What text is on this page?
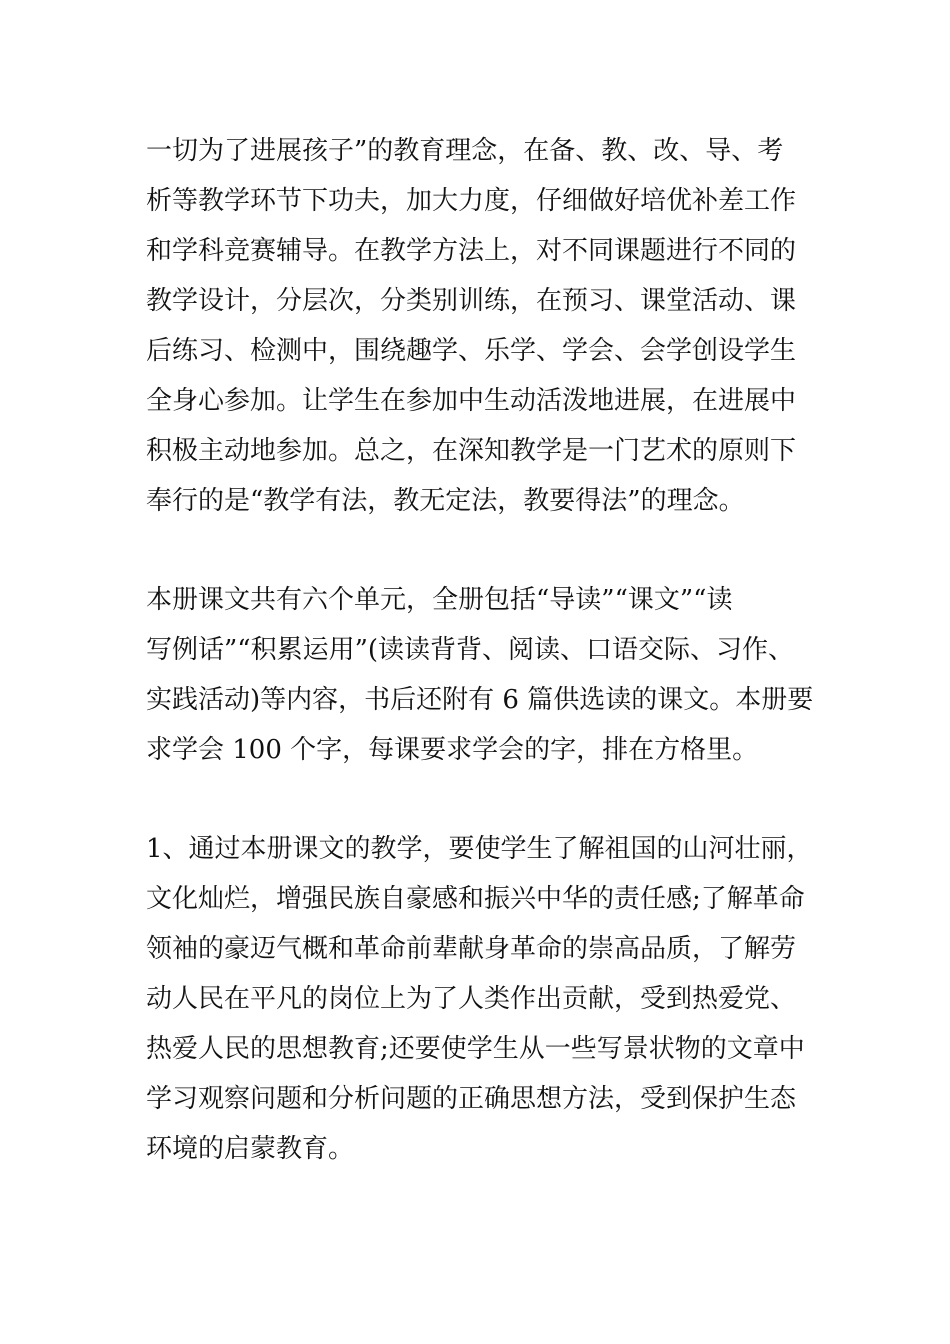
一切为了进展孩子”的教育理念，在备、教、改、导、考
析等教学环节下功夫，加大力度，仔细做好培优补差工作
和学科竞赛辅导。在教学方法上，对不同课题进行不同的
教学设计，分层次，分类别训练，在预习、课堂活动、课
后练习、检测中，围绕趣学、乐学、学会、会学创设学生
全身心参加。让学生在参加中生动活泼地进展，在进展中
积极主动地参加。总之，在深知教学是一门艺术的原则下
奉行的是“教学有法，教无定法，教要得法”的理念。
本册课文共有六个单元，全册包括“导读”“课文”“读
写例话”“积累运用”(读读背背、阅读、口语交际、习作、
实践活动)等内容，书后还附有 6 篇供选读的课文。本册要
求学会 100 个字，每课要求学会的字，排在方格里。
1、通过本册课文的教学，要使学生了解祖国的山河壮丽，
文化灿烂，增强民族自豪感和振兴中华的责任感;了解革命
领袖的豪迈气概和革命前辈献身革命的崇高品质，了解劳
动人民在平凡的岗位上为了人类作出贡献，受到热爱党、
热爱人民的思想教育;还要使学生从一些写景状物的文章中
学习观察问题和分析问题的正确思想方法，受到保护生态
环境的启蒙教育。
